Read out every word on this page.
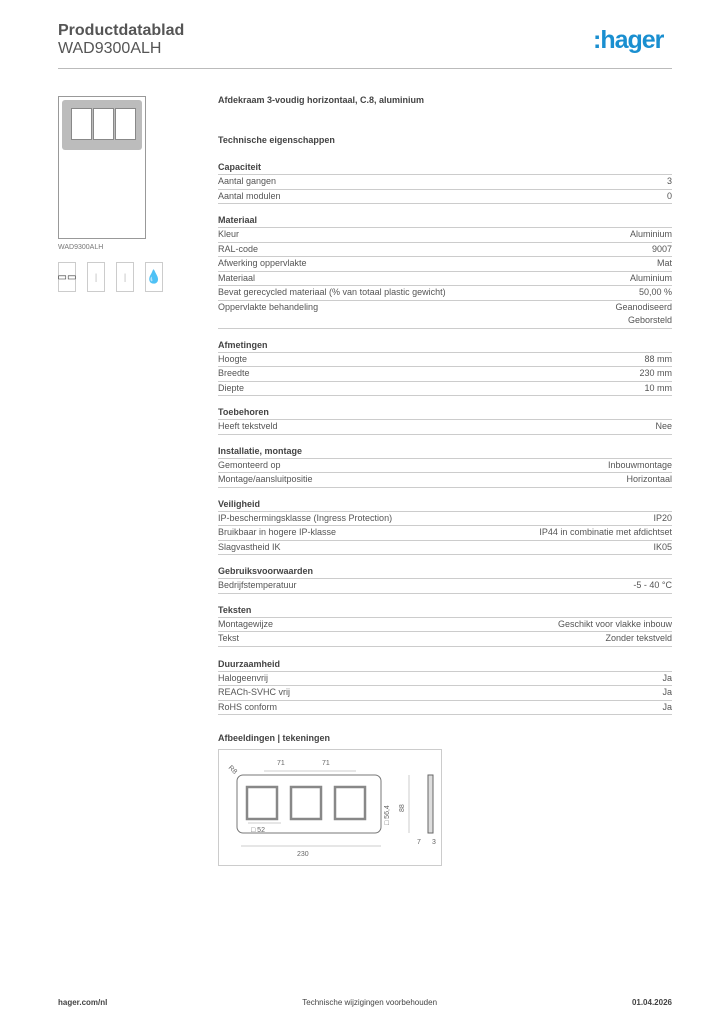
Productdatablad
WAD9300ALH	:hager
WAD9300ALH
▭▭	|	|	💧
Afdekraam 3-voudig horizontaal, C.8, aluminium
Technische eigenschappen
Capaciteit
Aantal gangen	3
Aantal modulen	0
Materiaal
Kleur	Aluminium
RAL-code	9007
Afwerking oppervlakte	Mat
Materiaal	Aluminium
Bevat gerecycled materiaal (% van totaal plastic gewicht)	50,00 %
Oppervlakte behandeling	Geanodiseerd
Geborsteld
Afmetingen
Hoogte	88 mm
Breedte	230 mm
Diepte	10 mm
Toebehoren
Heeft tekstveld	Nee
Installatie, montage
Gemonteerd op	Inbouwmontage
Montage/aansluitpositie	Horizontaal
Veiligheid
IP-beschermingsklasse (Ingress Protection)	IP20
Bruikbaar in hogere IP-klasse	IP44 in combinatie met afdichtset
Slagvastheid IK	IK05
Gebruiksvoorwaarden
Bedrijfstemperatuur	-5 - 40 °C
Teksten
Montagewijze	Geschikt voor vlakke inbouw
Tekst	Zonder tekstveld
Duurzaamheid
Halogeenvrij	Ja
REACh-SVHC vrij	Ja
RoHS conform	Ja
Afbeeldingen | tekeningen
71	71
R8
□ 56,4 88
□ 52
230
7 3
hager.com/nl	Technische wijzigingen voorbehouden	01.04.2026
